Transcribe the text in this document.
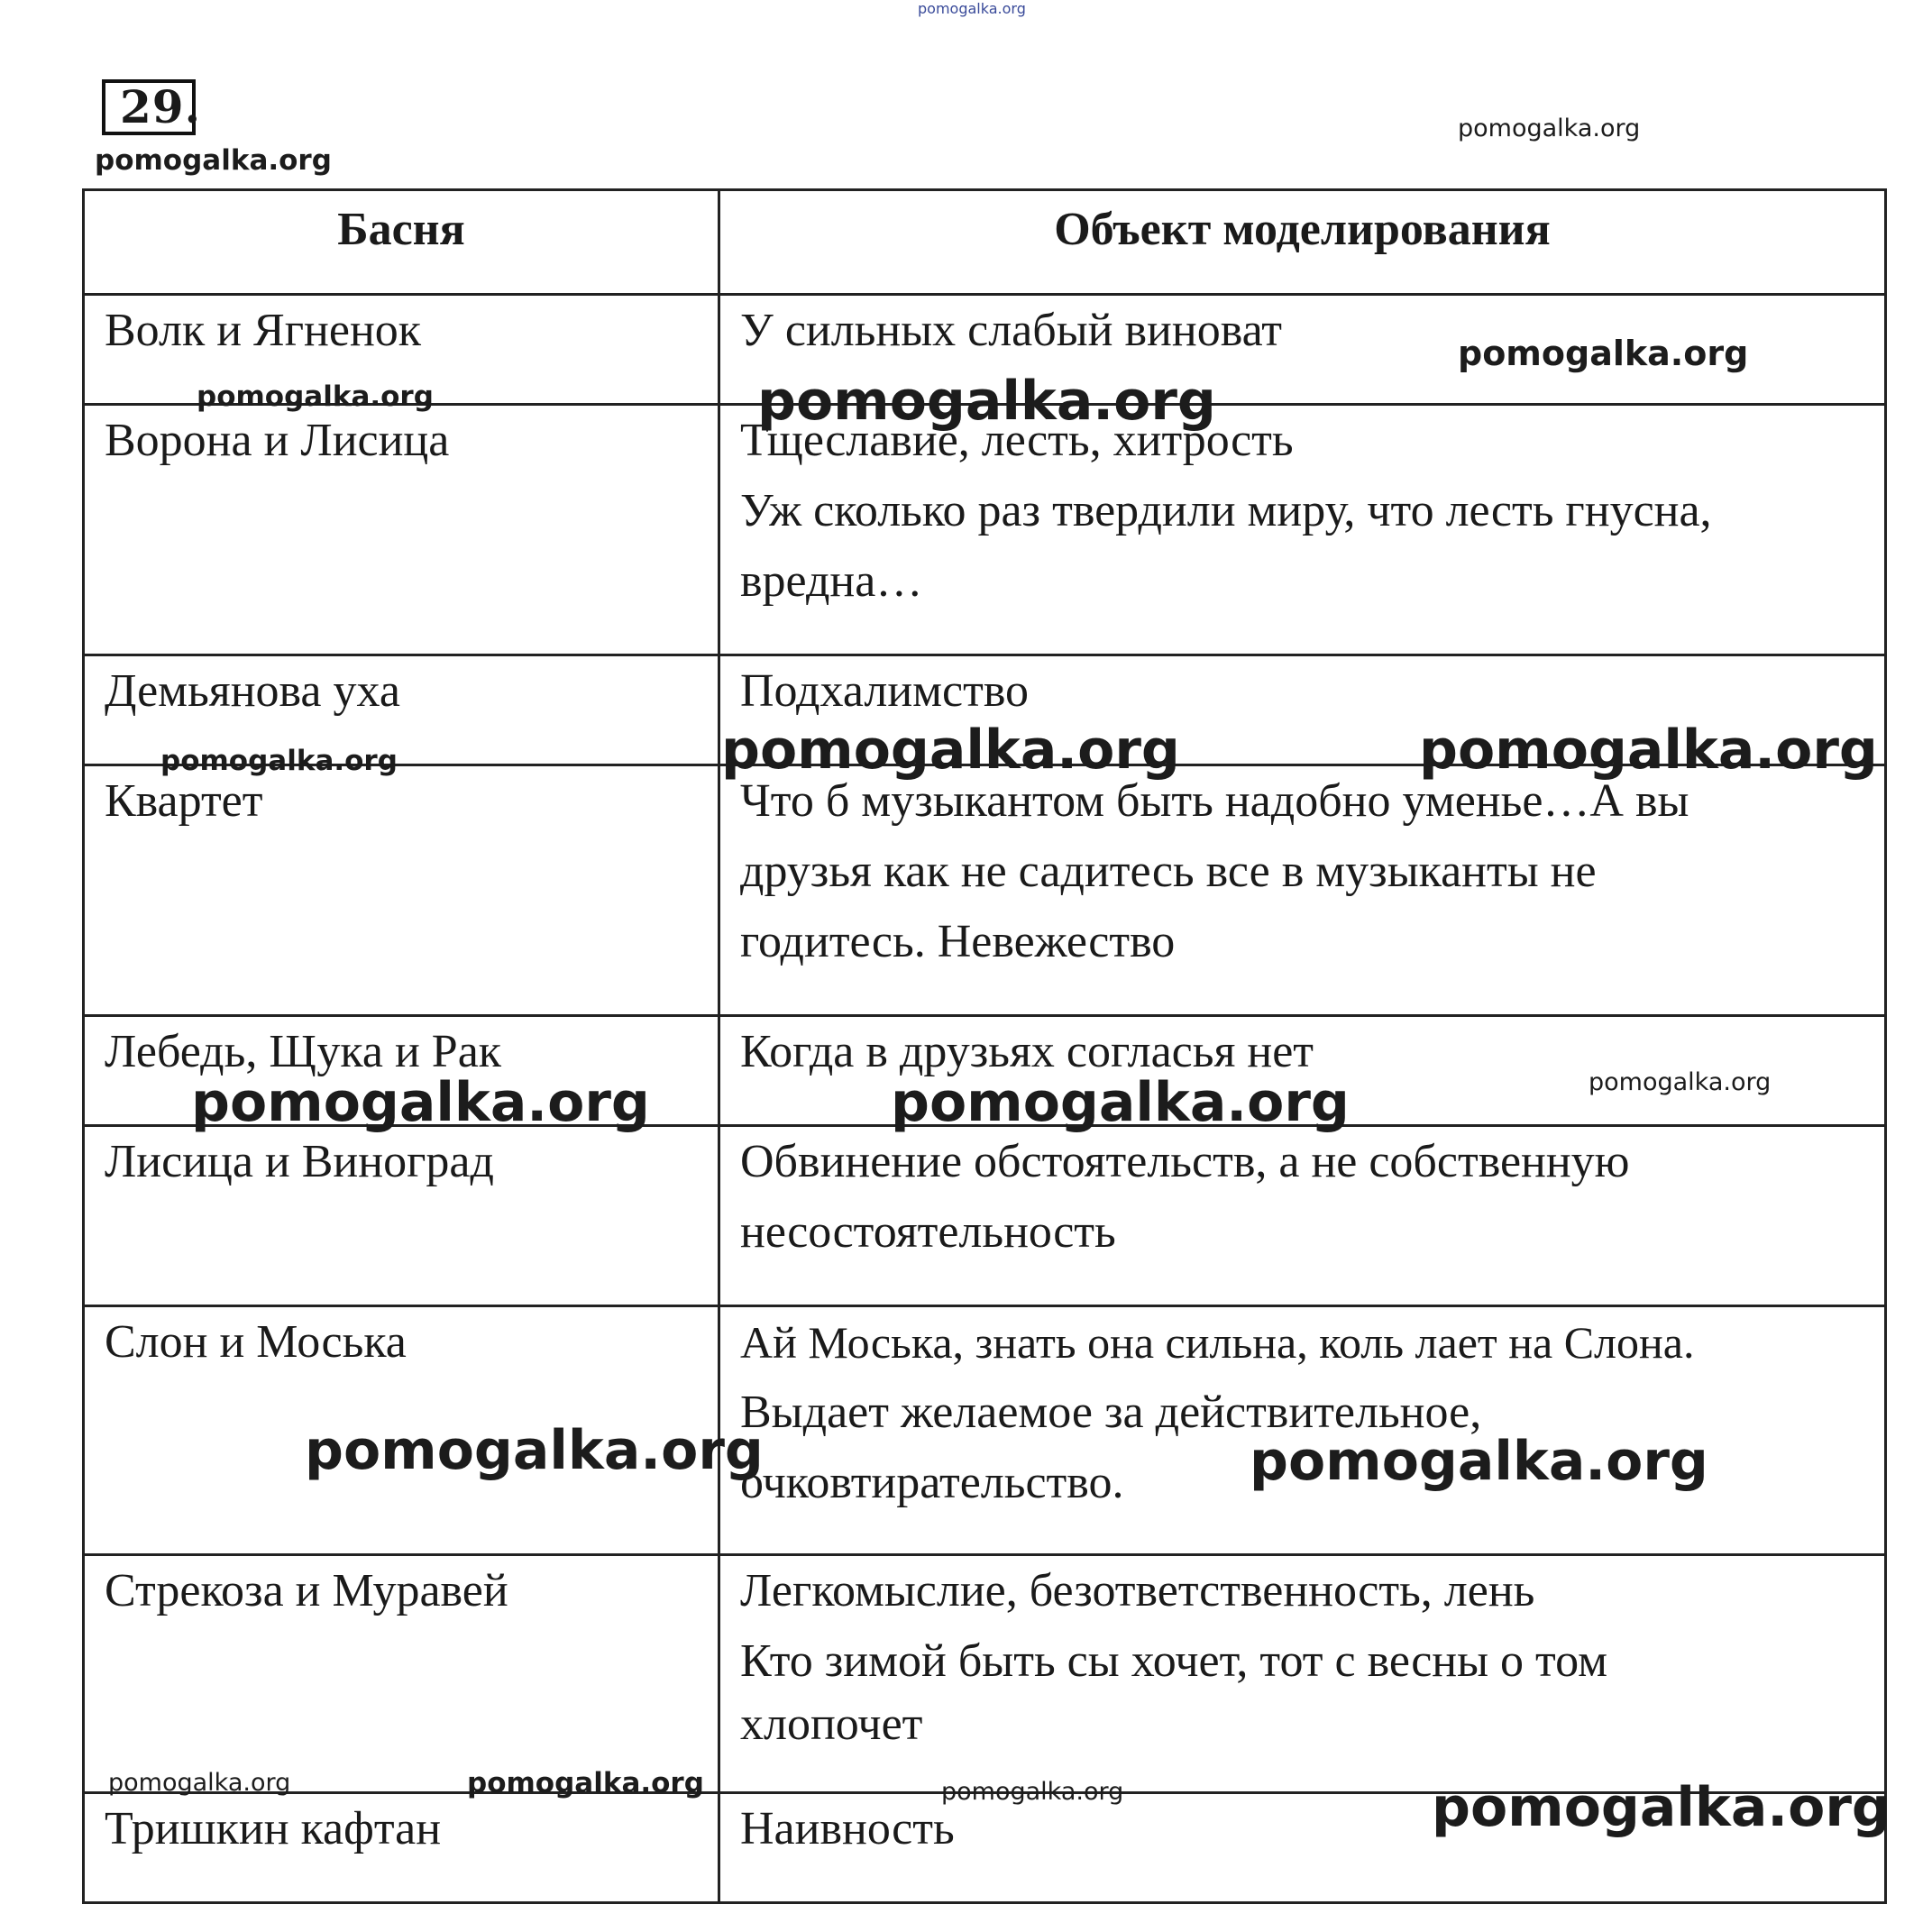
29.
Басня	Объект моделирования
Волк и Ягненок	У сильных слабый виноват

Ворона и Лисица	Тщеславие, лесть, хитрость
Уж сколько раз твердили миру, что лесть гнусна,
вредна…

Демьянова уха	Подхалимство

Квартет	Что б музыкантом быть надобно уменье…А вы
друзья как не садитесь все в музыканты не
годитесь. Невежество

Лебедь, Щука и Рак	Когда в друзьях согласья нет

Лисица и Виноград	Обвинение обстоятельств, а не собственную
несостоятельность

Слон и Моська	Ай Моська, знать она сильна, коль лает на Слона.
Выдает желаемое за действительное,
очковтирательство.

Стрекоза и Муравей	Легкомыслие, безответственность, лень
Кто зимой быть сы хочет, тот с весны о том
хлопочет

Тришкин кафтан	Наивность
pomogalka.org
pomogalka.org
pomogalka.org
pomogalka.org
pomogalka.org	pomogalka.org
pomogalka.org	pomogalka.org	pomogalka.org
pomogalka.org	pomogalka.org	pomogalka.org
pomogalka.org	pomogalka.org
pomogalka.org	pomogalka.org	pomogalka.org	pomogalka.org
